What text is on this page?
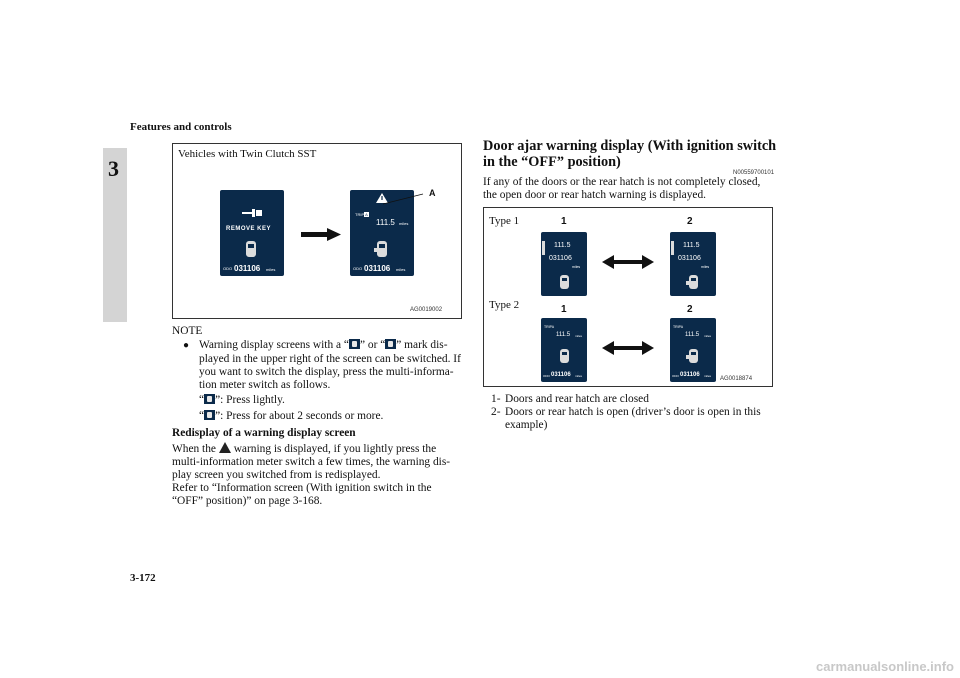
Features and controls
3
Vehicles with Twin Clutch SST
REMOVE KEY
ODO 031106 miles
TRIPA
111.5 miles
ODO 031106 miles
A
AG0019002
NOTE
● Warning display screens with a “ ” or “ ” mark dis-
played in the upper right of the screen can be switched. If
you want to switch the display, press the multi-informa-
tion meter switch as follows.
“ ”: Press lightly.
“ ”: Press for about 2 seconds or more.
Redisplay of a warning display screen
When the warning is displayed, if you lightly press the
multi-information meter switch a few times, the warning dis-
play screen you switched from is redisplayed.
Refer to “Information screen (With ignition switch in the
“OFF” position)” on page 3-168.
Door ajar warning display (With ignition switch
in the “OFF” position)
N00559700101
If any of the doors or the rear hatch is not completely closed,
the open door or rear hatch warning is displayed.
Type 1
Type 2
1	2
1	2
111.5
031106
miles
111.5
031106
miles
TRIPA
111.5 miles
ODO 031106 miles
TRIPA
111.5 miles
ODO 031106 miles AG0018874
1- Doors and rear hatch are closed
2- Doors or rear hatch is open (driver’s door is open in this
example)
3-172
carmanualsonline.info
